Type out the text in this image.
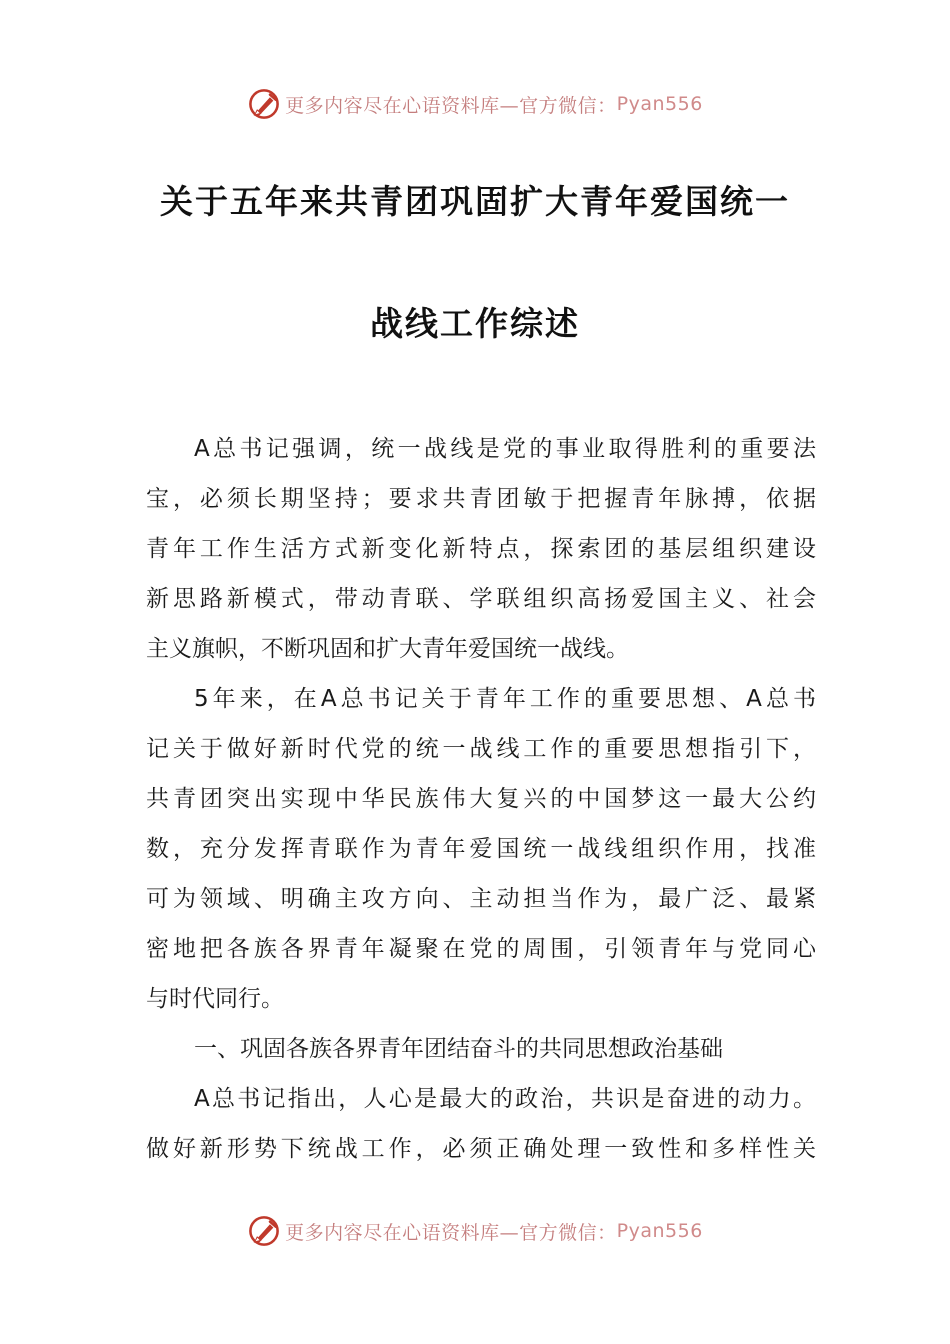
更多内容尽在心语资料库—官方微信： Pyan556
关于五年来共青团巩固扩大青年爱国统一
战线工作综述
A总书记强调，统一战线是党的事业取得胜利的重要法
宝，必须长期坚持；要求共青团敏于把握青年脉搏，依据
青年工作生活方式新变化新特点，探索团的基层组织建设
新思路新模式，带动青联、学联组织高扬爱国主义、社会
主义旗帜，不断巩固和扩大青年爱国统一战线。
5年来，在A总书记关于青年工作的重要思想、A总书
记关于做好新时代党的统一战线工作的重要思想指引下，
共青团突出实现中华民族伟大复兴的中国梦这一最大公约
数，充分发挥青联作为青年爱国统一战线组织作用，找准
可为领域、明确主攻方向、主动担当作为，最广泛、最紧
密地把各族各界青年凝聚在党的周围，引领青年与党同心
与时代同行。
一、巩固各族各界青年团结奋斗的共同思想政治基础
A总书记指出，人心是最大的政治，共识是奋进的动力。
做好新形势下统战工作，必须正确处理一致性和多样性关
更多内容尽在心语资料库—官方微信： Pyan556
